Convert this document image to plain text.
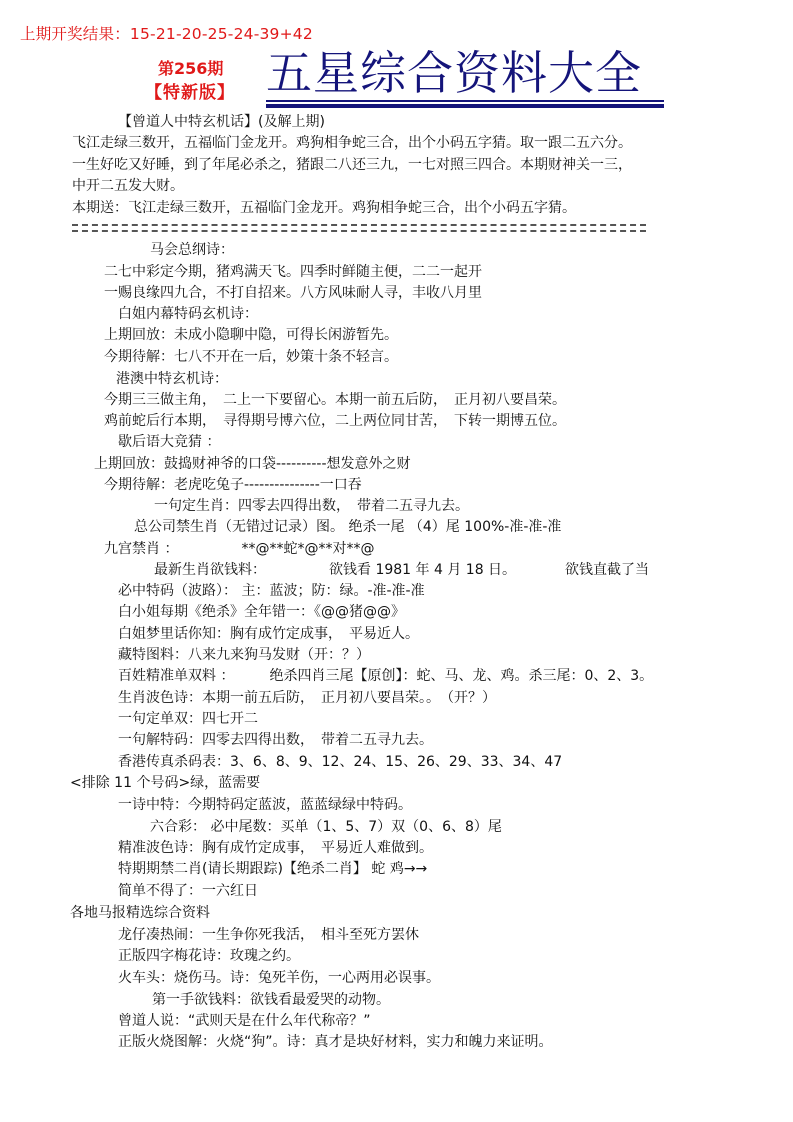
上期开奖结果：15-21-20-25-24-39+42
第256期
【特新版】 五星综合资料大全
【曾道人中特玄机话】(及解上期)
飞江走绿三数开，五福临门金龙开。鸡狗相争蛇三合，出个小码五字猜。取一跟二五六分。
一生好吃又好睡，到了年尾必杀之，猪跟二八还三九，一七对照三四合。本期财神关一三，
中开二五发大财。
本期送：飞江走绿三数开，五福临门金龙开。鸡狗相争蛇三合，出个小码五字猜。
马会总纲诗：
二七中彩定今期，猪鸡满天飞。四季时鲜随主便，二二一起开
一赐良缘四九合，不打自招来。八方风味耐人寻，丰收八月里
白姐内幕特码玄机诗：
上期回放：未成小隐聊中隐，可得长闲游暂先。
今期待解：七八不开在一后，妙策十条不轻言。
港澳中特玄机诗：
今期三三做主角，　二上一下要留心。本期一前五后防，　正月初八要昌荣。
鸡前蛇后行本期，　寻得期号博六位，二上两位同甘苦，　下转一期博五位。
歇后语大竞猜 ：
上期回放：鼓捣财神爷的口袋----------想发意外之财
今期待解：老虎吃兔子---------------一口吞
一句定生肖：四零去四得出数，　带着二五寻九去。
总公司禁生肖（无错过记录）图。 绝杀一尾 （4）尾 100%-准-准-准
九宫禁肖 ：　　　　　**@**蛇*@**对**@
最新生肖欲钱料：　　　　　欲钱看 1981 年 4 月 18 日。　　　　欲钱直截了当
必中特码（波路）： 主：蓝波；防：绿。-准-准-准
白小姐每期《绝杀》全年错一：《@@猪@@》
白姐梦里话你知：胸有成竹定成事，　平易近人。
藏特图料：八来九来狗马发财（开：？）
百姓精准单双料 ：　　　绝杀四肖三尾【原创】：蛇、马、龙、鸡。杀三尾：0、2、3。
生肖波色诗：本期一前五后防，　正月初八要昌荣。。　（开？）
一句定单双：四七开二
一句解特码：四零去四得出数，　带着二五寻九去。
香港传真杀码表：3、6、8、9、12、24、15、26、29、33、34、47
<排除 11 个号码>绿，蓝需要
一诗中特：今期特码定蓝波，蓝蓝绿绿中特码。
六合彩： 必中尾数：买单（1、5、7）双（0、6、8）尾
精准波色诗：胸有成竹定成事，　平易近人难做到。
特期期禁二肖(请长期跟踪)【绝杀二肖】 蛇 鸡→→
简单不得了：一六红日
各地马报精选综合资料
龙仔凑热闹：一生争你死我活，　相斗至死方罢休
正版四字梅花诗：玫瑰之约。
火车头：烧伤马。诗：兔死羊伤，一心两用必误事。
第一手欲钱料：欲钱看最爱哭的动物。
曾道人说：“武则天是在什么年代称帝？”
正版火烧图解：火烧“狗”。诗：真才是块好材料，实力和魄力来证明。
